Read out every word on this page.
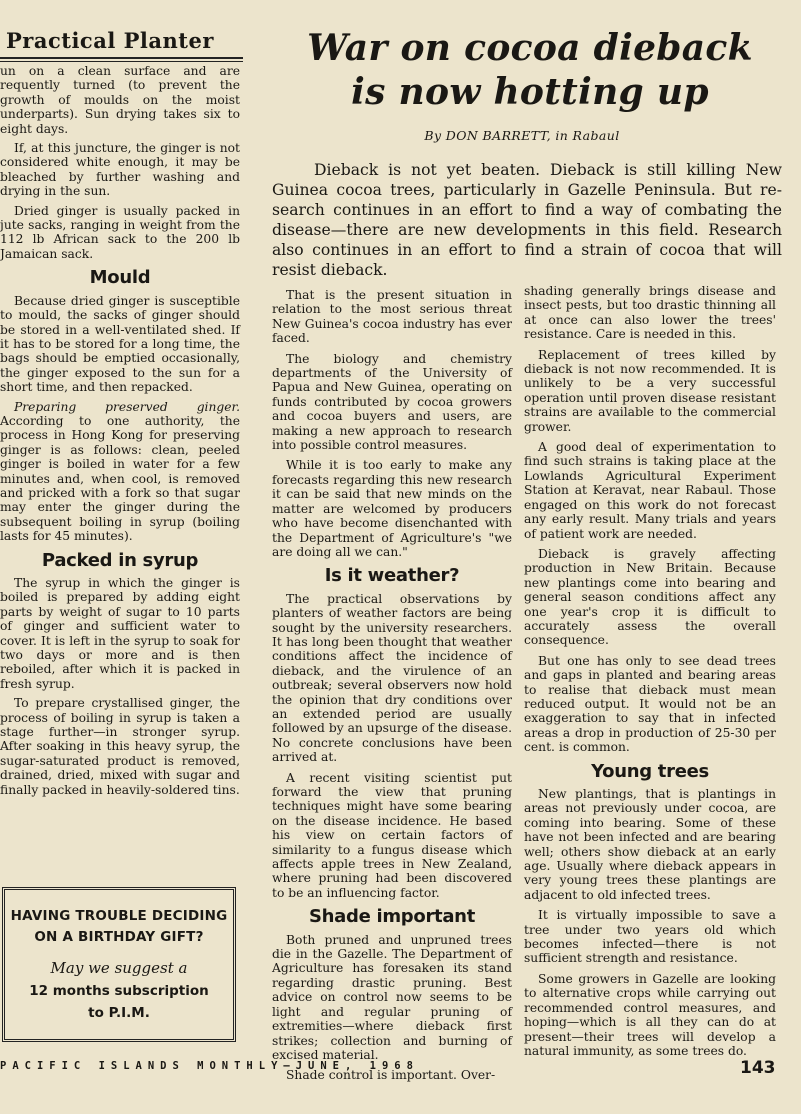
Practical Planter

un on a clean surface and are requently turned (to prevent the growth of moulds on the moist underparts). Sun drying takes six to eight days.

If, at this juncture, the ginger is not considered white enough, it may be bleached by further washing and drying in the sun.

Dried ginger is usually packed in jute sacks, ranging in weight from the 112 lb African sack to the 200 lb Jamaican sack.

Mould

Because dried ginger is susceptible to mould, the sacks of ginger should be stored in a well-ventilated shed. If it has to be stored for a long time, the bags should be emptied occasionally, the ginger exposed to the sun for a short time, and then repacked.

Preparing preserved ginger. According to one authority, the process in Hong Kong for preserving ginger is as follows: clean, peeled ginger is boiled in water for a few minutes and, when cool, is removed and pricked with a fork so that sugar may enter the ginger during the subsequent boiling in syrup (boiling lasts for 45 minutes).

Packed in syrup

The syrup in which the ginger is boiled is prepared by adding eight parts by weight of sugar to 10 parts of ginger and sufficient water to cover. It is left in the syrup to soak for two days or more and is then reboiled, after which it is packed in fresh syrup.

To prepare crystallised ginger, the process of boiling in syrup is taken a stage further—in stronger syrup. After soaking in this heavy syrup, the sugar-saturated product is removed, drained, dried, mixed with sugar and finally packed in heavily-soldered tins.

HAVING TROUBLE DECIDING
ON A BIRTHDAY GIFT?
May we suggest a
12 months subscription
to P.I.M.
War on cocoa dieback
is now hotting up
By DON BARRETT, in Rabaul

Dieback is not yet beaten. Dieback is still killing New Guinea cocoa trees, particularly in Gazelle Peninsula. But re-search continues in an effort to find a way of combating the disease—there are new developments in this field. Research also continues in an effort to find a strain of cocoa that will resist dieback.

That is the present situation in relation to the most serious threat New Guinea's cocoa industry has ever faced.

The biology and chemistry departments of the University of Papua and New Guinea, operating on funds contributed by cocoa growers and cocoa buyers and users, are making a new approach to research into possible control measures.

While it is too early to make any forecasts regarding this new research it can be said that new minds on the matter are welcomed by producers who have become disenchanted with the Department of Agriculture's "we are doing all we can."

Is it weather?

The practical observations by planters of weather factors are being sought by the university researchers. It has long been thought that weather conditions affect the incidence of dieback, and the virulence of an outbreak; several observers now hold the opinion that dry conditions over an extended period are usually followed by an upsurge of the disease. No concrete conclusions have been arrived at.

A recent visiting scientist put forward the view that pruning techniques might have some bearing on the disease incidence. He based his view on certain factors of similarity to a fungus disease which affects apple trees in New Zealand, where pruning had been discovered to be an influencing factor.

Shade important

Both pruned and unpruned trees die in the Gazelle. The Department of Agriculture has foresaken its stand regarding drastic pruning. Best advice on control now seems to be light and regular pruning of extremities—where dieback first strikes; collection and burning of excised material.

Shade control is important. Over-

shading generally brings disease and insect pests, but too drastic thinning all at once can also lower the trees' resistance. Care is needed in this.

Replacement of trees killed by dieback is not now recommended. It is unlikely to be a very successful operation until proven disease resistant strains are available to the commercial grower.

A good deal of experimentation to find such strains is taking place at the Lowlands Agricultural Experiment Station at Keravat, near Rabaul. Those engaged on this work do not forecast any early result. Many trials and years of patient work are needed.

Dieback is gravely affecting production in New Britain. Because new plantings come into bearing and general season conditions affect any one year's crop it is difficult to accurately assess the overall consequence.

But one has only to see dead trees and gaps in planted and bearing areas to realise that dieback must mean reduced output. It would not be an exaggeration to say that in infected areas a drop in production of 25-30 per cent. is common.

Young trees

New plantings, that is plantings in areas not previously under cocoa, are coming into bearing. Some of these have not been infected and are bearing well; others show dieback at an early age. Usually where dieback appears in very young trees these plantings are adjacent to old infected trees.

It is virtually impossible to save a tree under two years old which becomes infected—there is not sufficient strength and resistance.

Some growers in Gazelle are looking to alternative crops while carrying out recommended control measures, and hoping—which is all they can do at present—their trees will develop a natural immunity, as some trees do.

PACIFIC ISLANDS MONTHLY—JUNE, 1968	143
